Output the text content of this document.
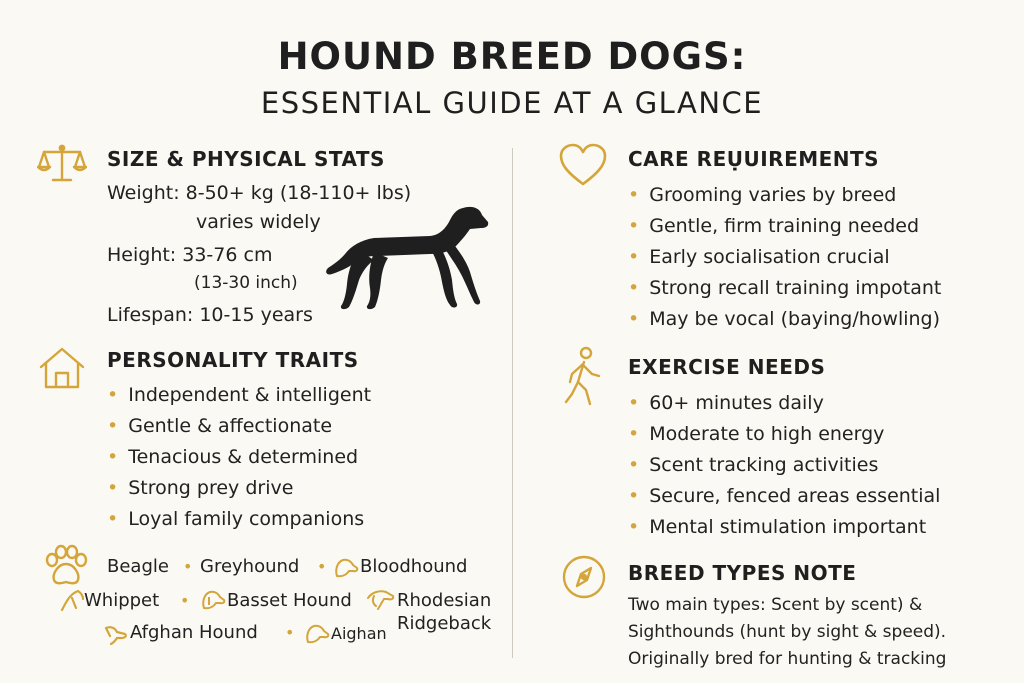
HOUND BREED DOGS:
ESSENTIAL GUIDE AT A GLANCE
SIZE & PHYSICAL STATS
Weight: 8-50+ kg (18-110+ lbs)
varies widely
Height: 33-76 cm
(13-30 inch)
Lifespan: 10-15 years
PERSONALITY TRAITS
• Independent & intelligent
• Gentle & affectionate
• Tenacious & determined
• Strong prey drive
• Loyal family companions
Beagle • Greyhound • Bloodhound
Whippet • Basset Hound	Rhodesian
Ridgeback
Afghan Hound • Aighan
CARE REỤUIREMENTS
• Grooming varies by breed
• Gentle, firm training needed
• Early socialisation crucial
• Strong recall training impotant
• May be vocal (baying/howling)
EXERCISE NEEDS
• 60+ minutes daily
• Moderate to high energy
• Scent tracking activities
• Secure, fenced areas essential
• Mental stimulation important
BREED TYPES NOTE
Two main types: Scent by scent) &
Sighthounds (hunt by sight & speed).
Originally bred for hunting & tracking
